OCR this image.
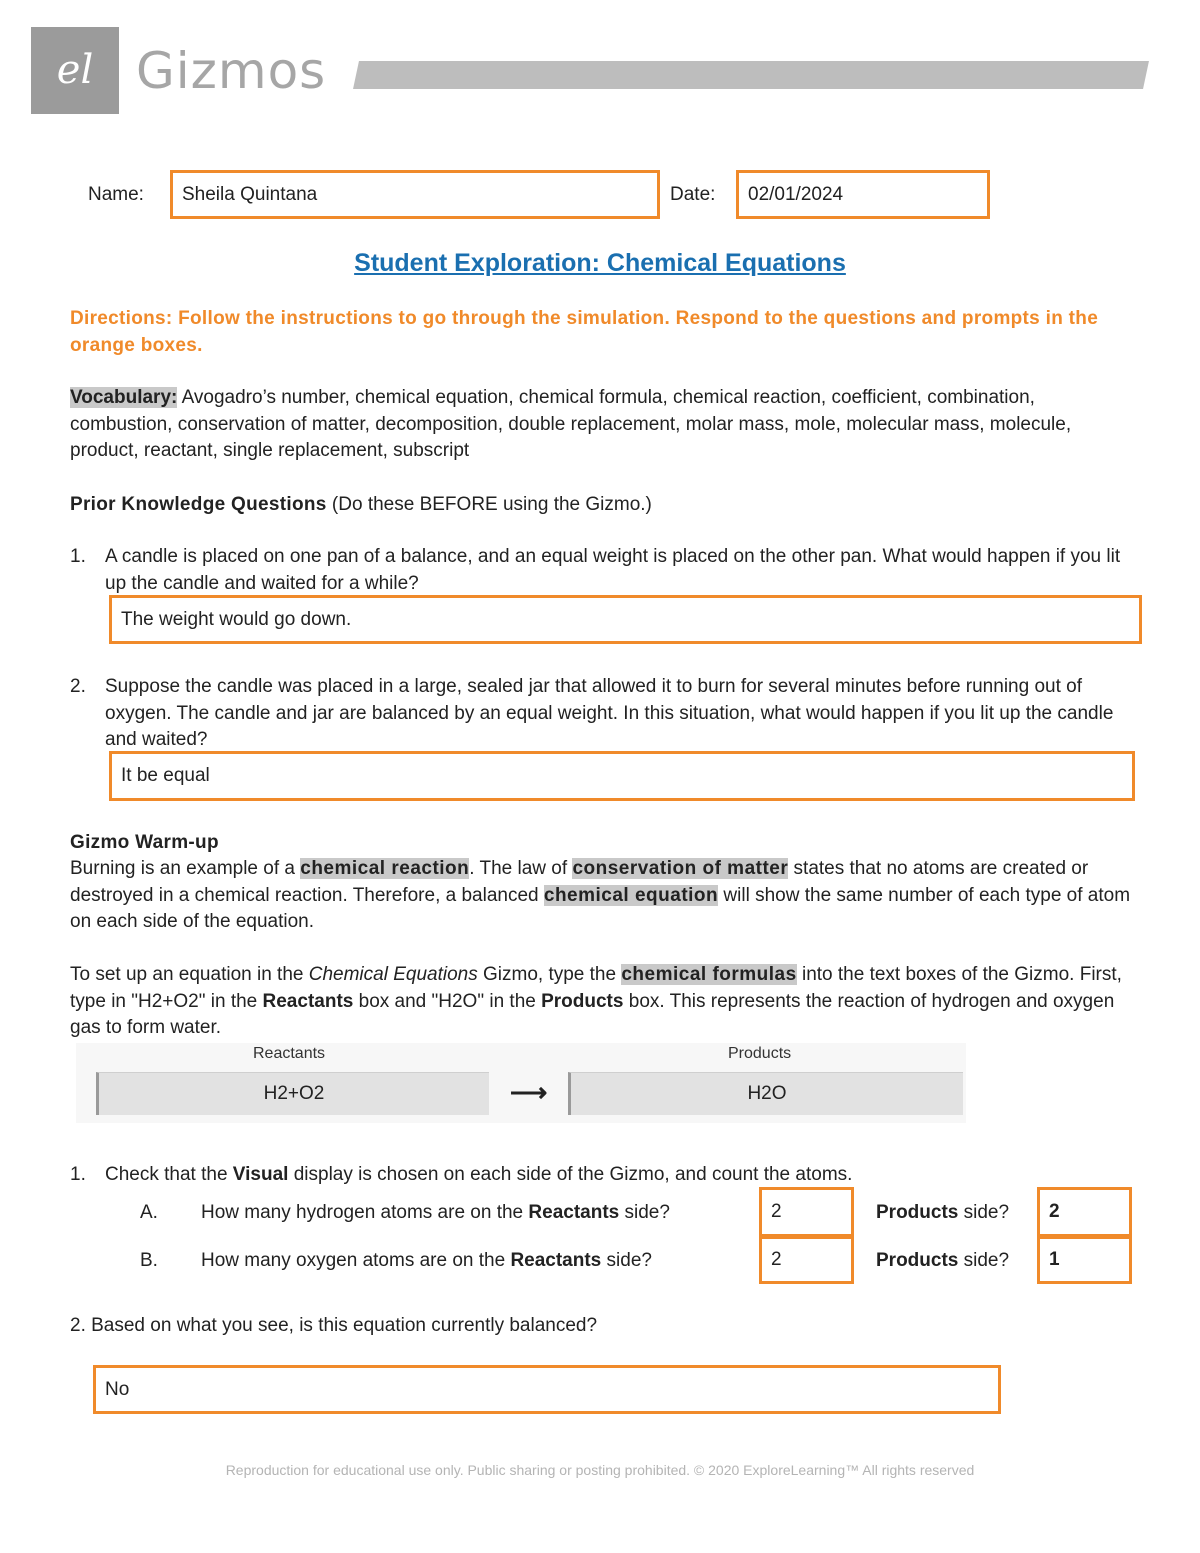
el Gizmos
Name: Sheila Quintana	Date: 02/01/2024
Student Exploration: Chemical Equations
Directions: Follow the instructions to go through the simulation. Respond to the questions and prompts in the orange boxes.
Vocabulary: Avogadro’s number, chemical equation, chemical formula, chemical reaction, coefficient, combination, combustion, conservation of matter, decomposition, double replacement, molar mass, mole, molecular mass, molecule, product, reactant, single replacement, subscript
Prior Knowledge Questions (Do these BEFORE using the Gizmo.)
1. A candle is placed on one pan of a balance, and an equal weight is placed on the other pan. What would happen if you lit up the candle and waited for a while?
The weight would go down.
2. Suppose the candle was placed in a large, sealed jar that allowed it to burn for several minutes before running out of oxygen. The candle and jar are balanced by an equal weight. In this situation, what would happen if you lit up the candle and waited?
It be equal
Gizmo Warm-up
Burning is an example of a chemical reaction. The law of conservation of matter states that no atoms are created or destroyed in a chemical reaction. Therefore, a balanced chemical equation will show the same number of each type of atom on each side of the equation.
To set up an equation in the Chemical Equations Gizmo, type the chemical formulas into the text boxes of the Gizmo. First, type in "H2+O2" in the Reactants box and "H2O" in the Products box. This represents the reaction of hydrogen and oxygen gas to form water.
Reactants
H2+O2	⟶
Products
H2O
1. Check that the Visual display is chosen on each side of the Gizmo, and count the atoms.
A. How many hydrogen atoms are on the Reactants side?	2	Products side? 2
B. How many oxygen atoms are on the Reactants side?	2	Products side? 1
2. Based on what you see, is this equation currently balanced?
No
Reproduction for educational use only. Public sharing or posting prohibited. © 2020 ExploreLearning™ All rights reserved
